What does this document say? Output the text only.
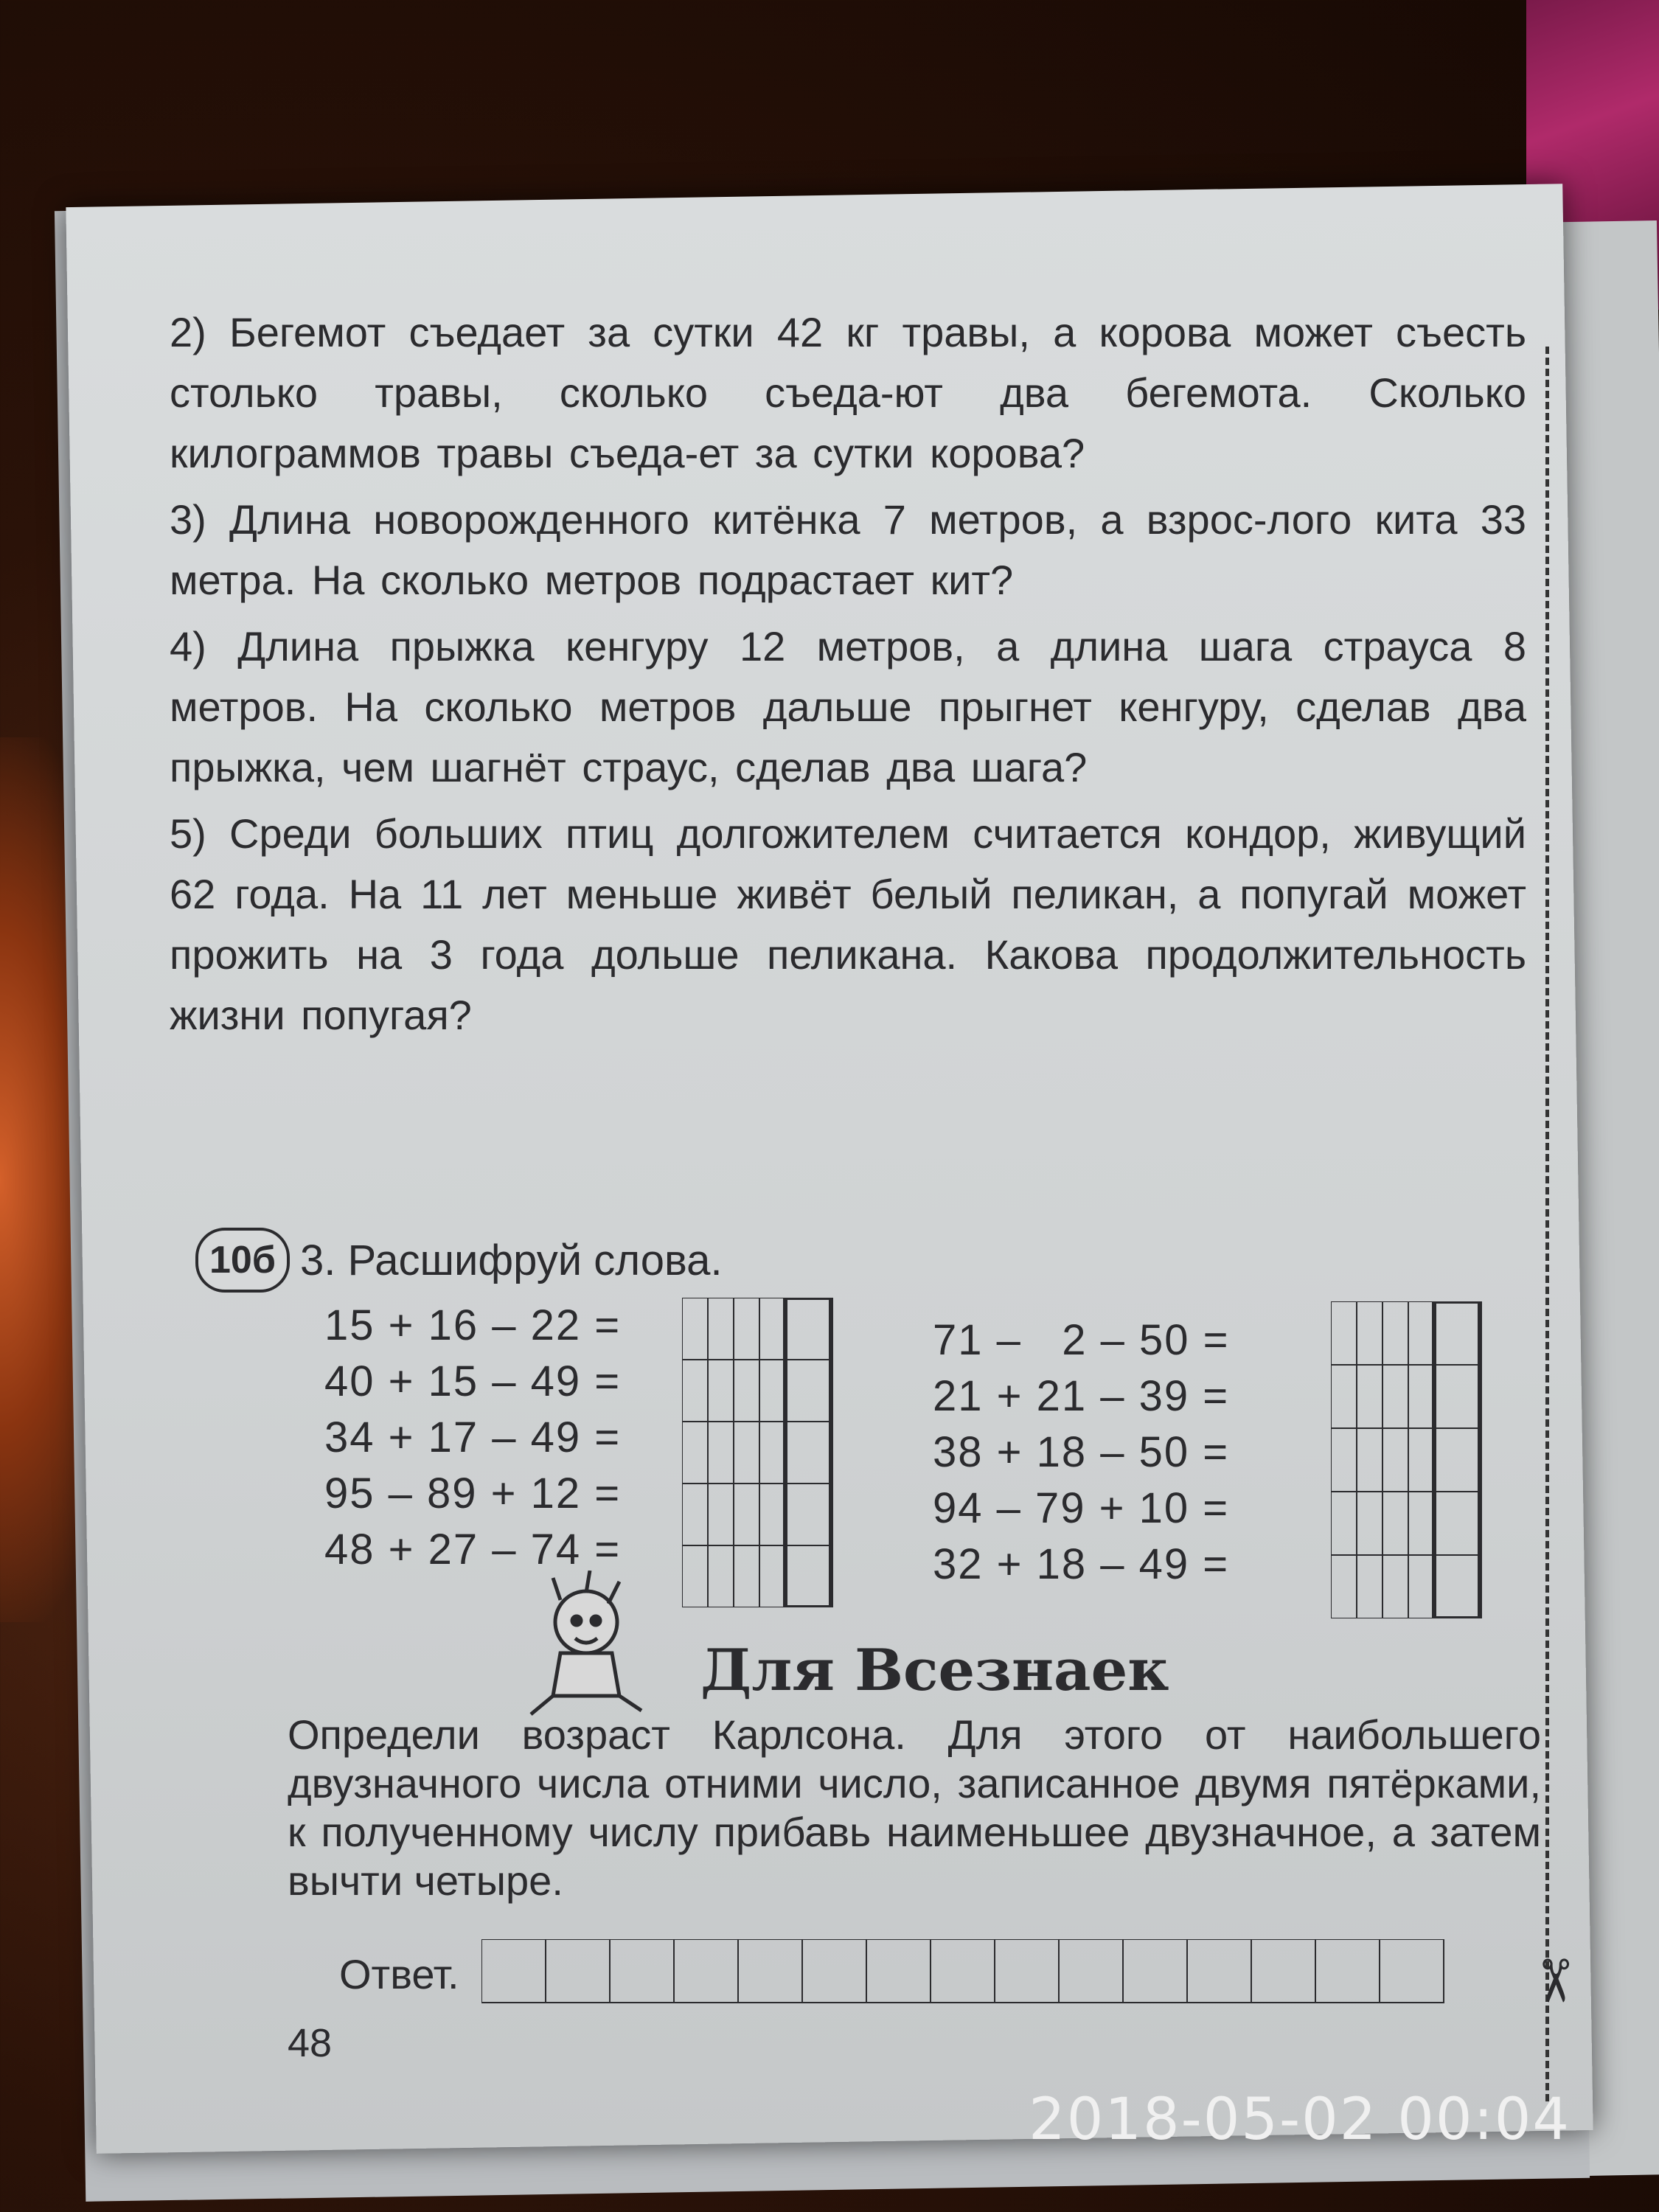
2) Бегемот съедает за сутки 42 кг травы, а корова может съесть столько травы, сколько съеда-ют два бегемота. Сколько килограммов травы съеда-ет за сутки корова?
3) Длина новорожденного китёнка 7 метров, а взрос-лого кита 33 метра. На сколько метров подрастает кит?
4) Длина прыжка кенгуру 12 метров, а длина шага страуса 8 метров. На сколько метров дальше прыгнет кенгуру, сделав два прыжка, чем шагнёт страус, сделав два шага?
5) Среди больших птиц долгожителем считается кондор, живущий 62 года. На 11 лет меньше живёт белый пеликан, а попугай может прожить на 3 года дольше пеликана. Какова продолжительность жизни попугая?
10б 3. Расшифруй слова.
15 + 16 – 22 =
40 + 15 – 49 =
34 + 17 – 49 =
95 – 89 + 12 =
48 + 27 – 74 =
71 –   2 – 50 =
21 + 21 – 39 =
38 + 18 – 50 =
94 – 79 + 10 =
32 + 18 – 49 =
Для Всезнаек
Определи возраст Карлсона. Для этого от наибольшего двузначного числа отними число, записанное двумя пятёрками, к полученному числу прибавь наименьшее двузначное, а затем вычти четыре.
Ответ.
48
✂
2018-05-02 00:04
